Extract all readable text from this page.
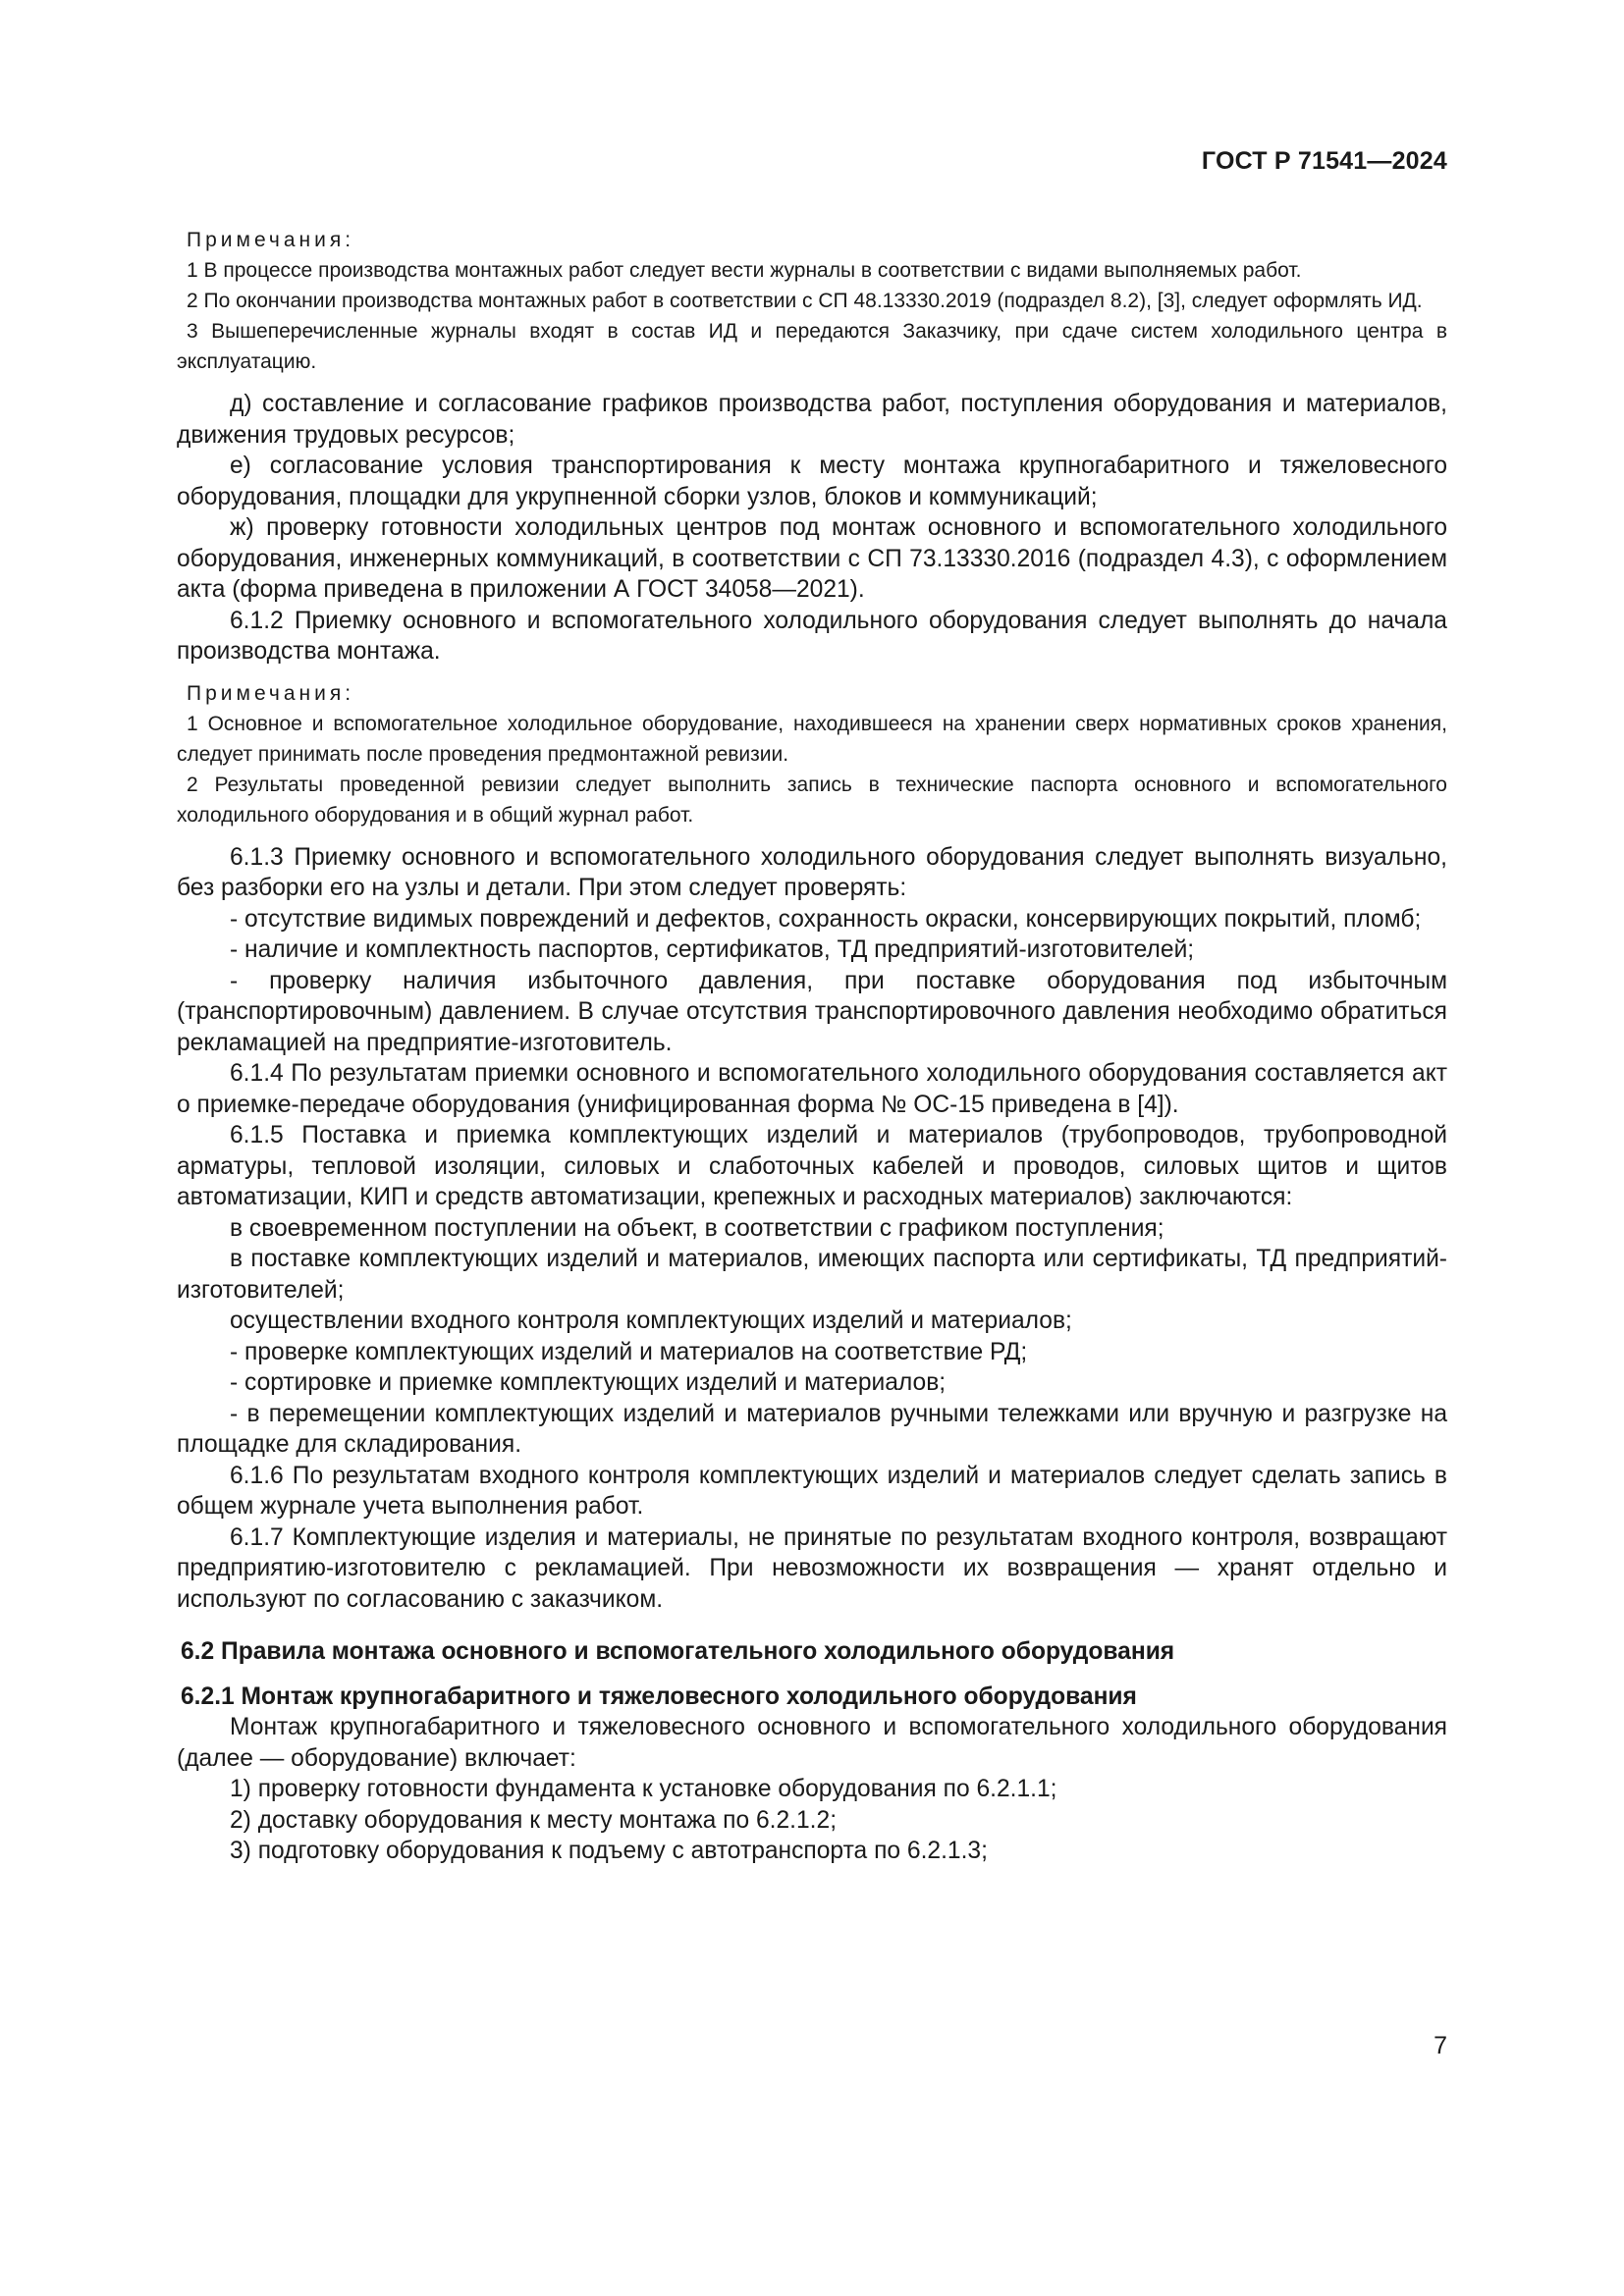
ГОСТ Р 71541—2024
Примечания:

1 В процессе производства монтажных работ следует вести журналы в соответствии с видами выполняемых работ.

2 По окончании производства монтажных работ в соответствии с СП 48.13330.2019 (подраздел 8.2), [3], следует оформлять ИД.

3 Вышеперечисленные журналы входят в состав ИД и передаются Заказчику, при сдаче систем холодильного центра в эксплуатацию.

д) составление и согласование графиков производства работ, поступления оборудования и материалов, движения трудовых ресурсов;

е) согласование условия транспортирования к месту монтажа крупногабаритного и тяжеловесного оборудования, площадки для укрупненной сборки узлов, блоков и коммуникаций;

ж) проверку готовности холодильных центров под монтаж основного и вспомогательного холодильного оборудования, инженерных коммуникаций, в соответствии с СП 73.13330.2016 (подраздел 4.3), с оформлением акта (форма приведена в приложении А ГОСТ 34058—2021).

6.1.2 Приемку основного и вспомогательного холодильного оборудования следует выполнять до начала производства монтажа.

Примечания:

1 Основное и вспомогательное холодильное оборудование, находившееся на хранении сверх нормативных сроков хранения, следует принимать после проведения предмонтажной ревизии.

2 Результаты проведенной ревизии следует выполнить запись в технические паспорта основного и вспомогательного холодильного оборудования и в общий журнал работ.

6.1.3 Приемку основного и вспомогательного холодильного оборудования следует выполнять визуально, без разборки его на узлы и детали. При этом следует проверять:

- отсутствие видимых повреждений и дефектов, сохранность окраски, консервирующих покрытий, пломб;

- наличие и комплектность паспортов, сертификатов, ТД предприятий-изготовителей;

- проверку наличия избыточного давления, при поставке оборудования под избыточным (транспортировочным) давлением. В случае отсутствия транспортировочного давления необходимо обратиться рекламацией на предприятие-изготовитель.

6.1.4 По результатам приемки основного и вспомогательного холодильного оборудования составляется акт о приемке-передаче оборудования (унифицированная форма № ОС-15 приведена в [4]).

6.1.5 Поставка и приемка комплектующих изделий и материалов (трубопроводов, трубопроводной арматуры, тепловой изоляции, силовых и слаботочных кабелей и проводов, силовых щитов и щитов автоматизации, КИП и средств автоматизации, крепежных и расходных материалов) заключаются:

в своевременном поступлении на объект, в соответствии с графиком поступления;

в поставке комплектующих изделий и материалов, имеющих паспорта или сертификаты, ТД предприятий-изготовителей;

осуществлении входного контроля комплектующих изделий и материалов;

- проверке комплектующих изделий и материалов на соответствие РД;

- сортировке и приемке комплектующих изделий и материалов;

- в перемещении комплектующих изделий и материалов ручными тележками или вручную и разгрузке на площадке для складирования.

6.1.6 По результатам входного контроля комплектующих изделий и материалов следует сделать запись в общем журнале учета выполнения работ.

6.1.7 Комплектующие изделия и материалы, не принятые по результатам входного контроля, возвращают предприятию-изготовителю с рекламацией. При невозможности их возвращения — хранят отдельно и используют по согласованию с заказчиком.

6.2 Правила монтажа основного и вспомогательного холодильного оборудования

6.2.1 Монтаж крупногабаритного и тяжеловесного холодильного оборудования

Монтаж крупногабаритного и тяжеловесного основного и вспомогательного холодильного оборудования (далее — оборудование) включает:

1) проверку готовности фундамента к установке оборудования по 6.2.1.1;

2) доставку оборудования к месту монтажа по 6.2.1.2;

3) подготовку оборудования к подъему с автотранспорта по 6.2.1.3;

7
